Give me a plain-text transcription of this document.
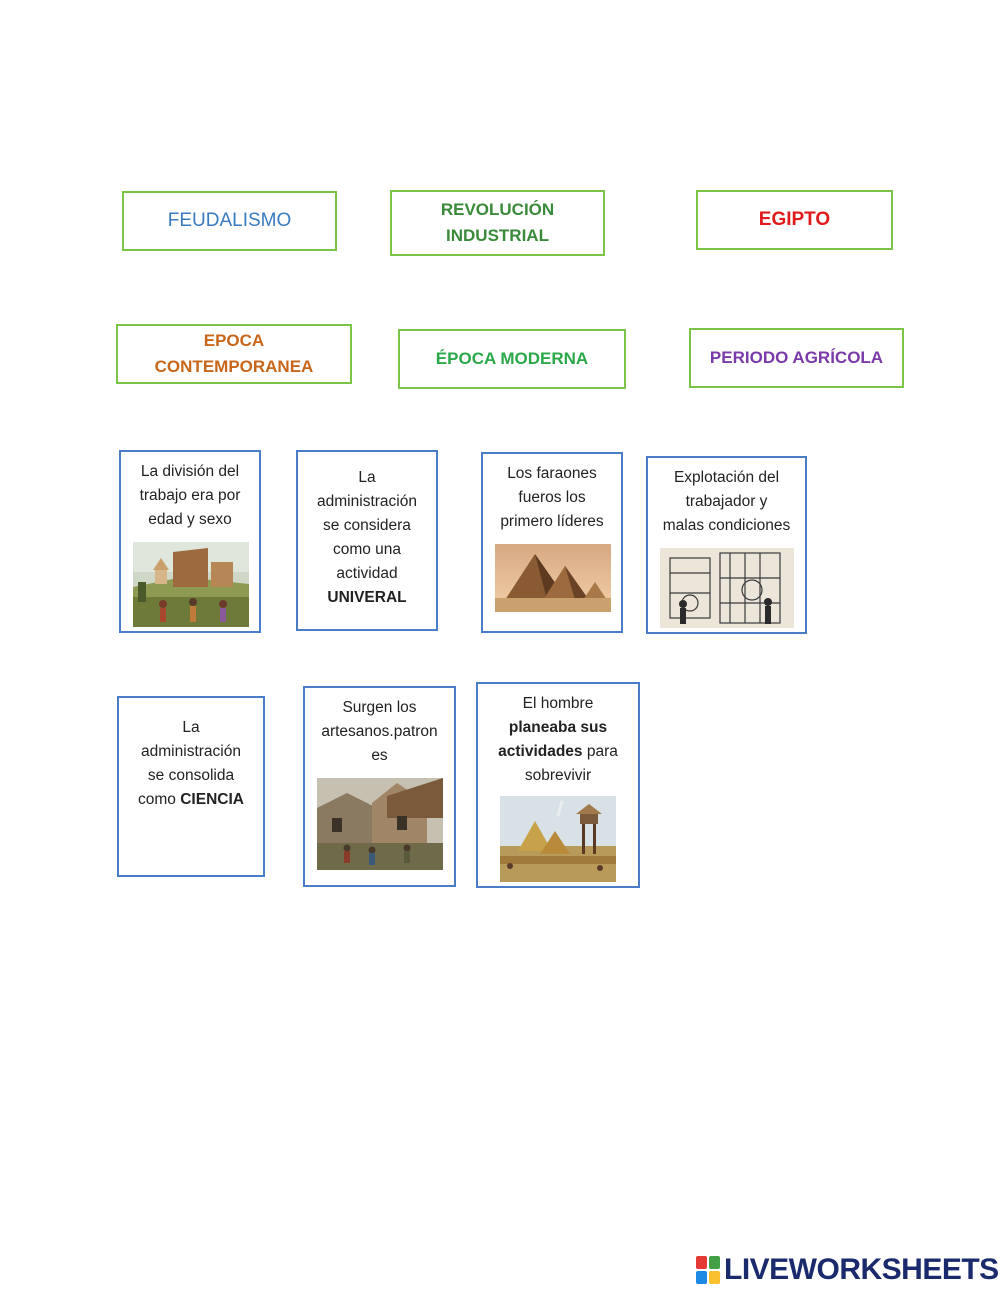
FEUDALISMO
REVOLUCIÓN
INDUSTRIAL
EGIPTO
EPOCA
CONTEMPORANEA	ÉPOCA MODERNA	PERIODO AGRÍCOLA
La división del
trabajo era por
edad y sexo
La
administración
se considera
como una
actividad
UNIVERAL
Los faraones
fueros los
primero líderes
Explotación del
trabajador y
malas condiciones
La
administración
se consolida
como CIENCIA
Surgen los
artesanos.patron
es
El hombre
planeaba sus
actividades para
sobrevivir
LIVEWORKSHEETS
